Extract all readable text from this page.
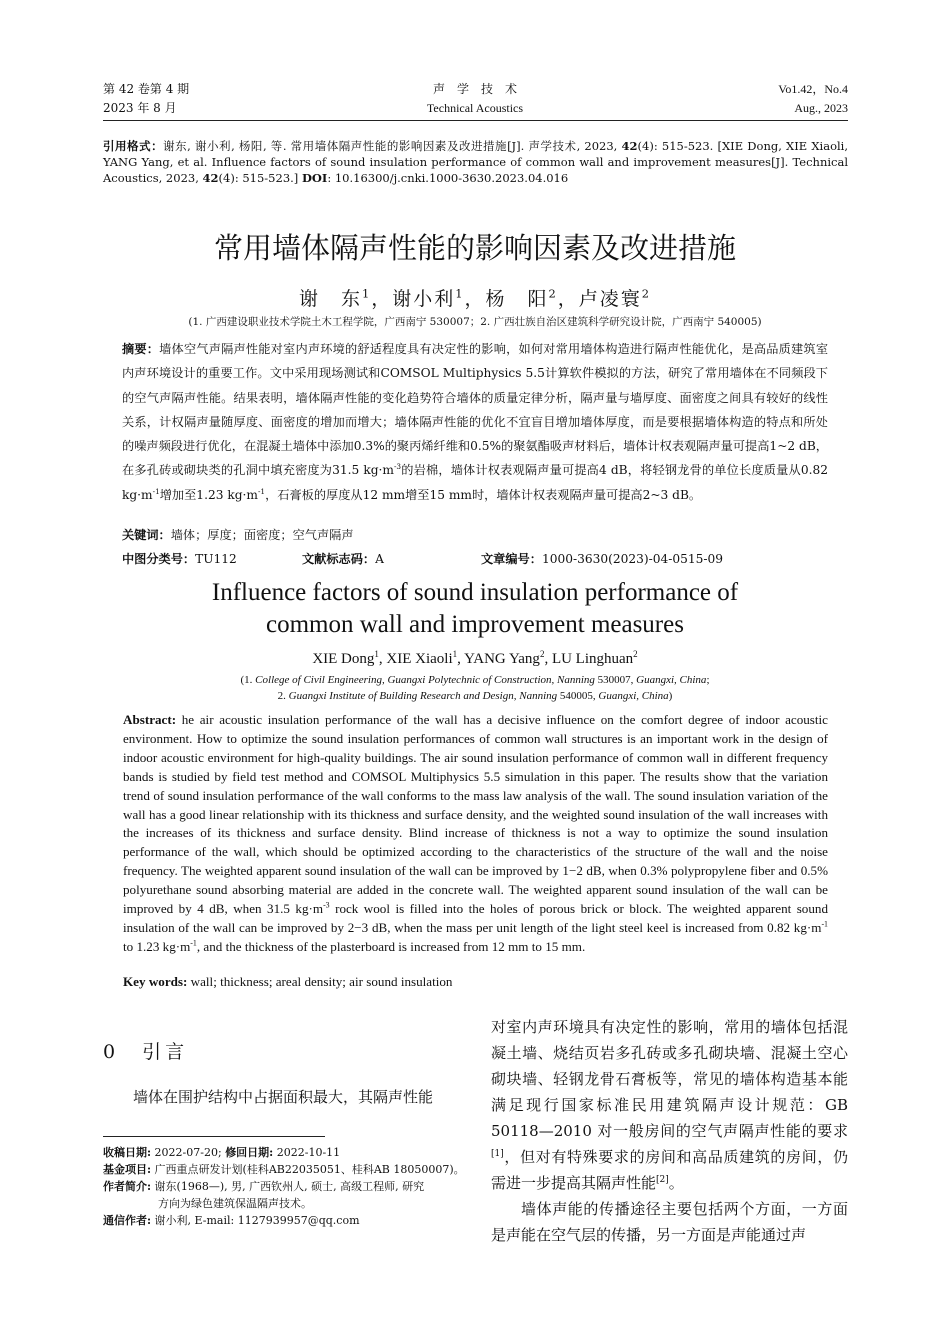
第 42 卷第 4 期
2023 年 8 月
声　学　技　术
Technical Acoustics
Vo1.42，No.4
Aug., 2023
引用格式：谢东, 谢小利, 杨阳, 等. 常用墙体隔声性能的影响因素及改进措施[J]. 声学技术, 2023, 42(4): 515-523. [XIE Dong, XIE Xiaoli, YANG Yang, et al. Influence factors of sound insulation performance of common wall and improvement measures[J]. Technical Acoustics, 2023, 42(4): 515-523.] DOI: 10.16300/j.cnki.1000-3630.2023.04.016
常用墙体隔声性能的影响因素及改进措施
谢　东$^1$，谢小利$^1$，杨　阳$^2$，卢凌寰$^2$
(1. 广西建设职业技术学院土木工程学院，广西南宁 530007；2. 广西壮族自治区建筑科学研究设计院，广西南宁 540005)
摘要：墙体空气声隔声性能对室内声环境的舒适程度具有决定性的影响，如何对常用墙体构造进行隔声性能优化，是高品质建筑室内声环境设计的重要工作。文中采用现场测试和COMSOL Multiphysics 5.5计算软件模拟的方法，研究了常用墙体在不同频段下的空气声隔声性能。结果表明，墙体隔声性能的变化趋势符合墙体的质量定律分析，隔声量与墙厚度、面密度之间具有较好的线性关系，计权隔声量随厚度、面密度的增加而增大；墙体隔声性能的优化不宜盲目增加墙体厚度，而是要根据墙体构造的特点和所处的噪声频段进行优化，在混凝土墙体中添加0.3%的聚丙烯纤维和0.5%的聚氨酯吸声材料后，墙体计权表观隔声量可提高1~2 dB，在多孔砖或砌块类的孔洞中填充密度为31.5 $kg\cdot m^{-3}$的岩棉，墙体计权表观隔声量可提高4 dB，将轻钢龙骨的单位长度质量从0.82 $kg\cdot m^{-1}$增加至1.23 $kg\cdot m^{-1}$，石膏板的厚度从12 mm增至15 mm时，墙体计权表观隔声量可提高2~3 dB。
关键词：墙体；厚度；面密度；空气声隔声
中图分类号：TU112	文献标志码：A	文章编号：1000-3630(2023)-04-0515-09
Influence factors of sound insulation performance of
common wall and improvement measures
XIE Dong$^1$, XIE Xiaoli$^1$, YANG Yang$^2$, LU Linghuan$^2$
(1. College of Civil Engineering, Guangxi Polytechnic of Construction, Nanning 530007, Guangxi, China;
2. Guangxi Institute of Building Research and Design, Nanning 540005, Guangxi, China)
Abstract: he air acoustic insulation performance of the wall has a decisive influence on the comfort degree of indoor acoustic environment. How to optimize the sound insulation performances of common wall structures is an important work in the design of indoor acoustic environment for high-quality buildings. The air sound insulation performance of common wall in different frequency bands is studied by field test method and COMSOL Multiphysics 5.5 simulation in this paper. The results show that the variation trend of sound insulation performance of the wall conforms to the mass law analysis of the wall. The sound insulation variation of the wall has a good linear relationship with its thickness and surface density, and the weighted sound insulation of the wall increases with the increases of its thickness and surface density. Blind increase of thickness is not a way to optimize the sound insulation performance of the wall, which should be optimized according to the characteristics of the structure of the wall and the noise frequency. The weighted apparent sound insulation of the wall can be improved by 1−2 dB, when 0.3% polypropylene fiber and 0.5% polyurethane sound absorbing material are added in the concrete wall. The weighted apparent sound insulation of the wall can be improved by 4 dB, when 31.5 $kg\cdot m^{-3}$ rock wool is filled into the holes of porous brick or block. The weighted apparent sound insulation of the wall can be improved by 2−3 dB, when the mass per unit length of the light steel keel is increased from 0.82 $kg\cdot m^{-1}$ to 1.23 $kg\cdot m^{-1}$, and the thickness of the plasterboard is increased from 12 mm to 15 mm.
Key words: wall; thickness; areal density; air sound insulation
0　引言
墙体在围护结构中占据面积最大，其隔声性能
收稿日期: 2022-07-20; 修回日期: 2022-10-11
基金项目: 广西重点研发计划(桂科AB22035051、桂科AB 18050007)。
作者简介: 谢东(1968—), 男, 广西钦州人, 硕士, 高级工程师, 研究
方向为绿色建筑保温隔声技术。
通信作者: 谢小利, E-mail: 1127939957@qq.com

对室内声环境具有决定性的影响，常用的墙体包括混凝土墙、烧结页岩多孔砖或多孔砌块墙、混凝土空心砌块墙、轻钢龙骨石膏板等，常见的墙体构造基本能满足现行国家标准民用建筑隔声设计规范：GB 50118—2010 对一般房间的空气声隔声性能的要求[1]，但对有特殊要求的房间和高品质建筑的房间，仍需进一步提高其隔声性能[2]。

墙体声能的传播途径主要包括两个方面，一方面是声能在空气层的传播，另一方面是声能通过声
